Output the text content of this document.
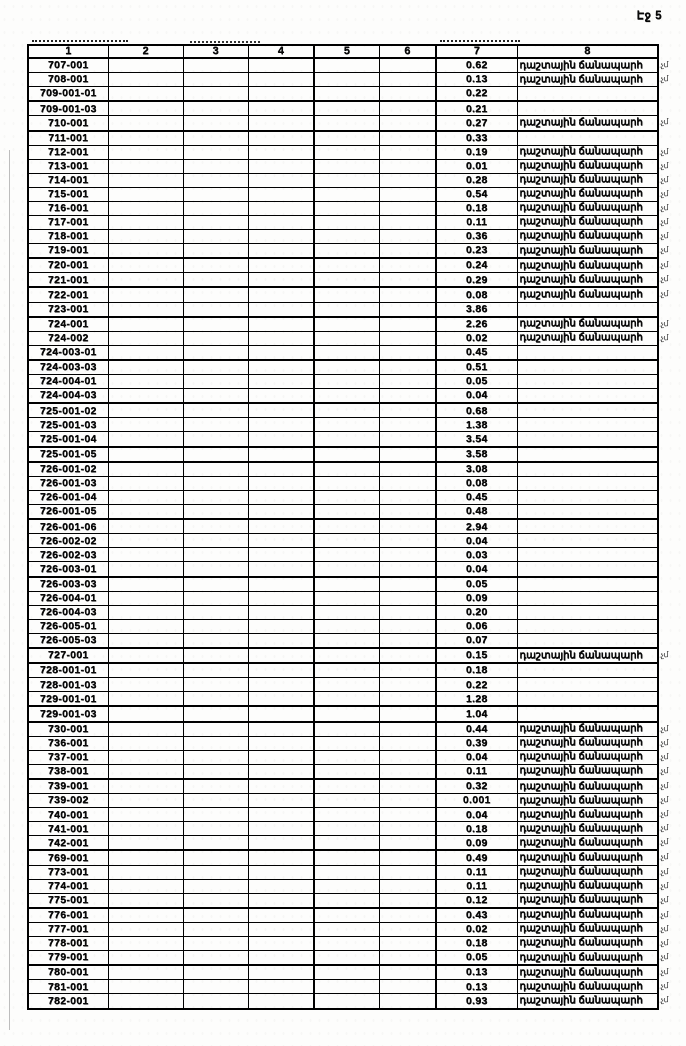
Էջ 5
1	2	3	4	5	6	7	8
707-001						0.62	դաշտային ճանապարհ .չմ

708-001						0.13	դաշտային ճանապարհ .չմ

709-001-01						0.22	
709-001-03						0.21	
710-001						0.27	դաշտային ճանապարհ .չմ

711-001						0.33	
712-001						0.19	դաշտային ճանապարհ .չմ

713-001						0.01	դաշտային ճանապարհ .չմ

714-001						0.28	դաշտային ճանապարհ .չմ

715-001						0.54	դաշտային ճանապարհ .չմ

716-001						0.18	դաշտային ճանապարհ .չմ

717-001						0.11	դաշտային ճանապարհ .չմ

718-001						0.36	դաշտային ճանապարհ .չմ

719-001						0.23	դաշտային ճանապարհ .չմ

720-001						0.24	դաշտային ճանապարհ .չմ

721-001						0.29	դաշտային ճանապարհ .չմ

722-001						0.08	դաշտային ճանապարհ .չմ

723-001						3.86	
724-001						2.26	դաշտային ճանապարհ .չմ

724-002						0.02	դաշտային ճանապարհ .չմ

724-003-01						0.45	
724-003-03						0.51	
724-004-01						0.05	
724-004-03						0.04	
725-001-02						0.68	
725-001-03						1.38	
725-001-04						3.54	
725-001-05						3.58	
726-001-02						3.08	
726-001-03						0.08	
726-001-04						0.45	
726-001-05						0.48	
726-001-06						2.94	
726-002-02						0.04	
726-002-03						0.03	
726-003-01						0.04	
726-003-03						0.05	
726-004-01						0.09	
726-004-03						0.20	
726-005-01						0.06	
726-005-03						0.07	
727-001						0.15	դաշտային ճանապարհ .չմ

728-001-01						0.18	
728-001-03						0.22	
729-001-01						1.28	
729-001-03						1.04	
730-001						0.44	դաշտային ճանապարհ .չմ

736-001						0.39	դաշտային ճանապարհ .չմ

737-001						0.04	դաշտային ճանապարհ .չմ

738-001						0.11	դաշտային ճանապարհ .չմ

739-001						0.32	դաշտային ճանապարհ .չմ

739-002						0.001	դաշտային ճանապարհ .չմ

740-001						0.04	դաշտային ճանապարհ .չմ

741-001						0.18	դաշտային ճանապարհ .չմ

742-001						0.09	դաշտային ճանապարհ .չմ

769-001						0.49	դաշտային ճանապարհ .չմ

773-001						0.11	դաշտային ճանապարհ .չմ

774-001						0.11	դաշտային ճանապարհ .չմ

775-001						0.12	դաշտային ճանապարհ .չմ

776-001						0.43	դաշտային ճանապարհ .չմ

777-001						0.02	դաշտային ճանապարհ .չմ

778-001						0.18	դաշտային ճանապարհ .չմ

779-001						0.05	դաշտային ճանապարհ .չմ

780-001						0.13	դաշտային ճանապարհ .չմ

781-001						0.13	դաշտային ճանապարհ .չմ

782-001						0.93	դաշտային ճանապարհ .չմ
